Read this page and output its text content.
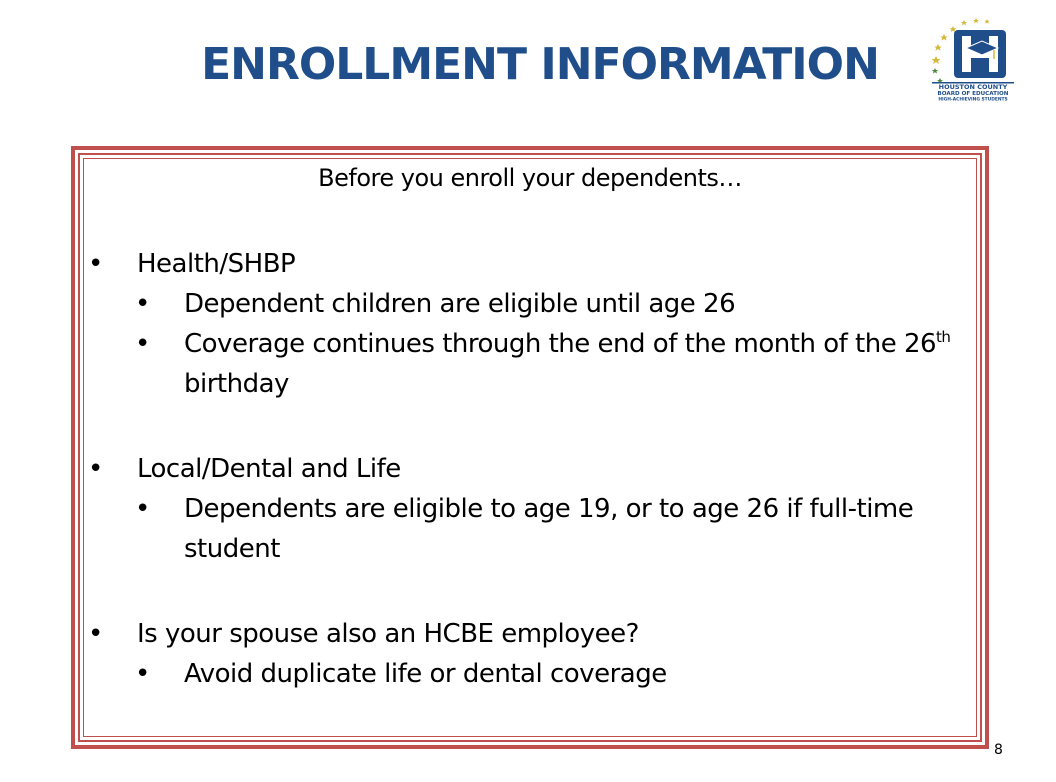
ENROLLMENT INFORMATION	HOUSTON COUNTY
BOARD OF EDUCATION
HIGH-ACHIEVING STUDENTS
Before you enroll your dependents…
• Health/SHBP
• Dependent children are eligible until age 26
• Coverage continues through the end of the month of the 26th birthday
• Local/Dental and Life
• Dependents are eligible to age 19, or to age 26 if full-time student
• Is your spouse also an HCBE employee?
• Avoid duplicate life or dental coverage
8
